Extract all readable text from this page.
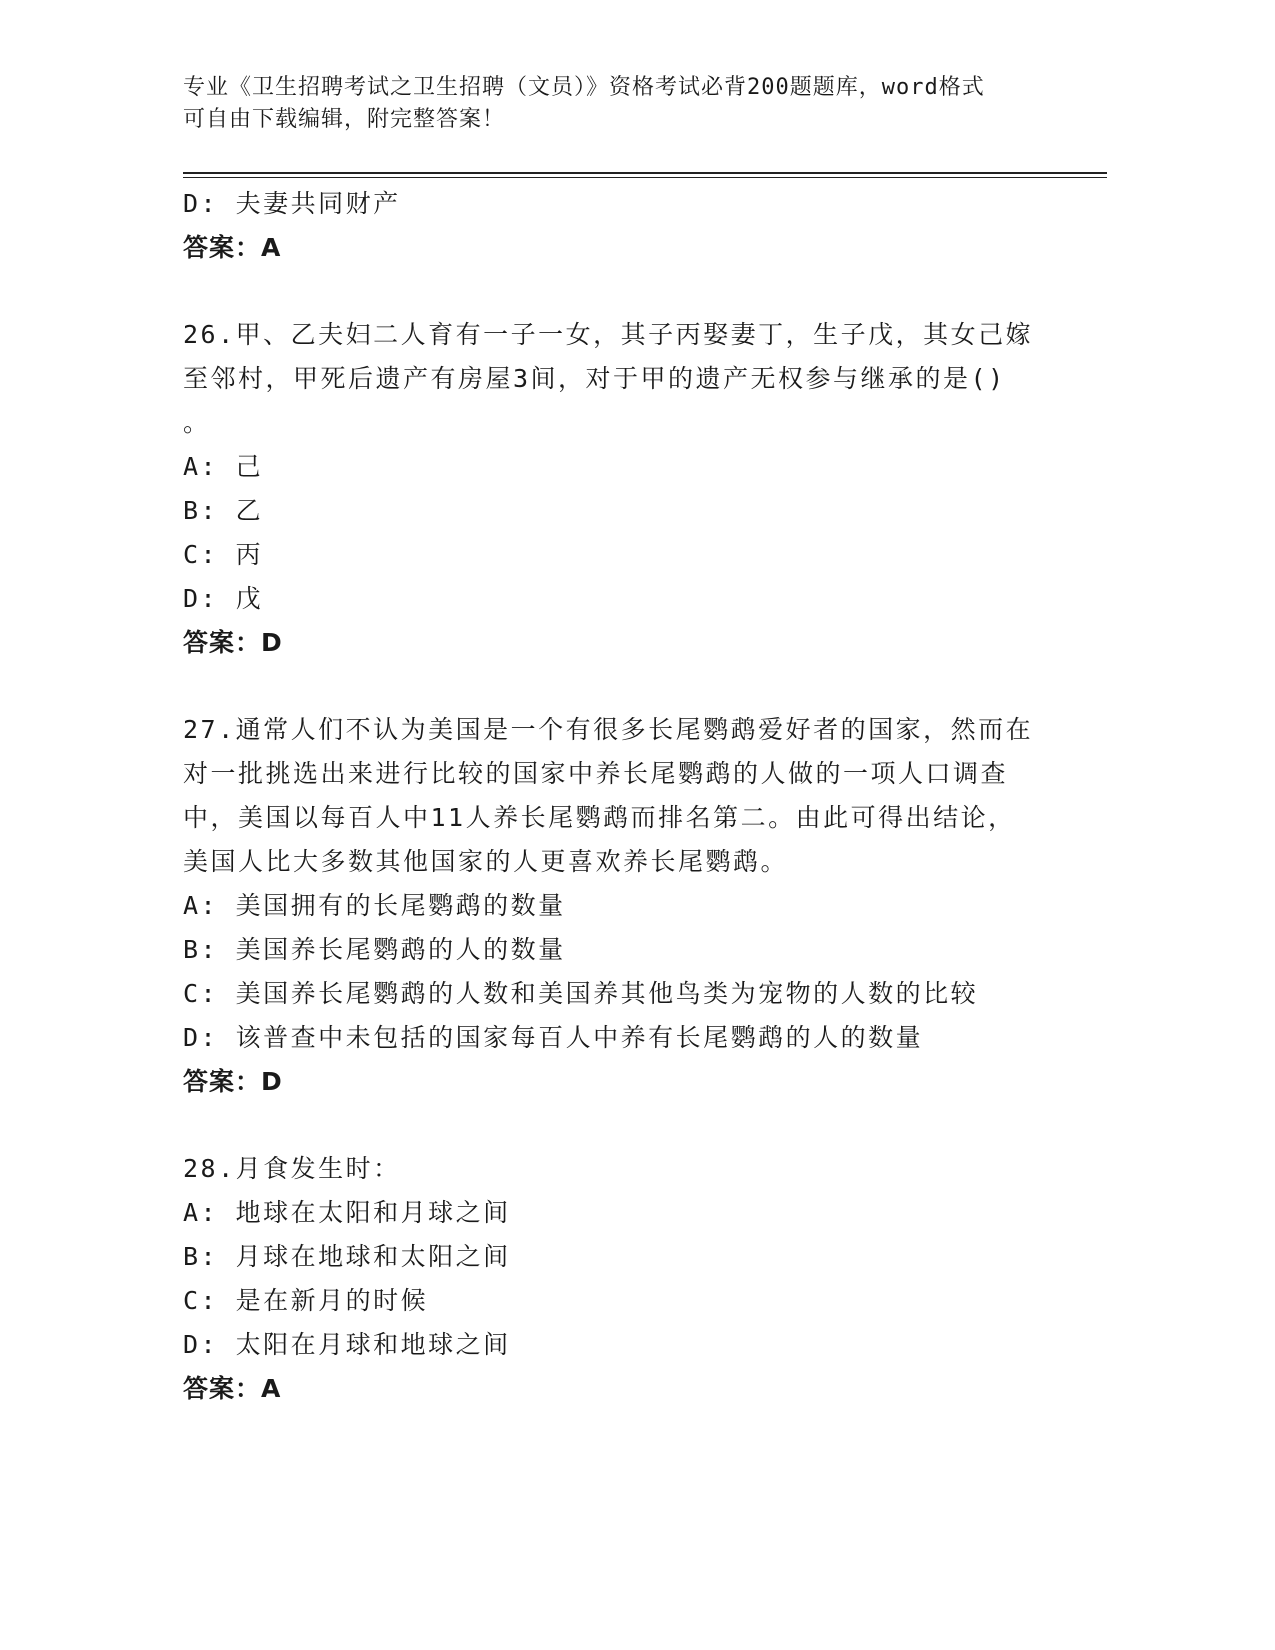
专业《卫生招聘考试之卫生招聘（文员）》资格考试必背200题题库，word格式
可自由下载编辑，附完整答案！
D: 夫妻共同财产
答案：A
26.甲、乙夫妇二人育有一子一女，其子丙娶妻丁，生子戊，其女己嫁
至邻村，甲死后遗产有房屋3间，对于甲的遗产无权参与继承的是()
。
A: 己
B: 乙
C: 丙
D: 戊
答案：D
27.通常人们不认为美国是一个有很多长尾鹦鹉爱好者的国家，然而在
对一批挑选出来进行比较的国家中养长尾鹦鹉的人做的一项人口调查
中，美国以每百人中11人养长尾鹦鹉而排名第二。由此可得出结论，
美国人比大多数其他国家的人更喜欢养长尾鹦鹉。
A: 美国拥有的长尾鹦鹉的数量
B: 美国养长尾鹦鹉的人的数量
C: 美国养长尾鹦鹉的人数和美国养其他鸟类为宠物的人数的比较
D: 该普查中未包括的国家每百人中养有长尾鹦鹉的人的数量
答案：D
28.月食发生时：
A: 地球在太阳和月球之间
B: 月球在地球和太阳之间
C: 是在新月的时候
D: 太阳在月球和地球之间
答案：A
